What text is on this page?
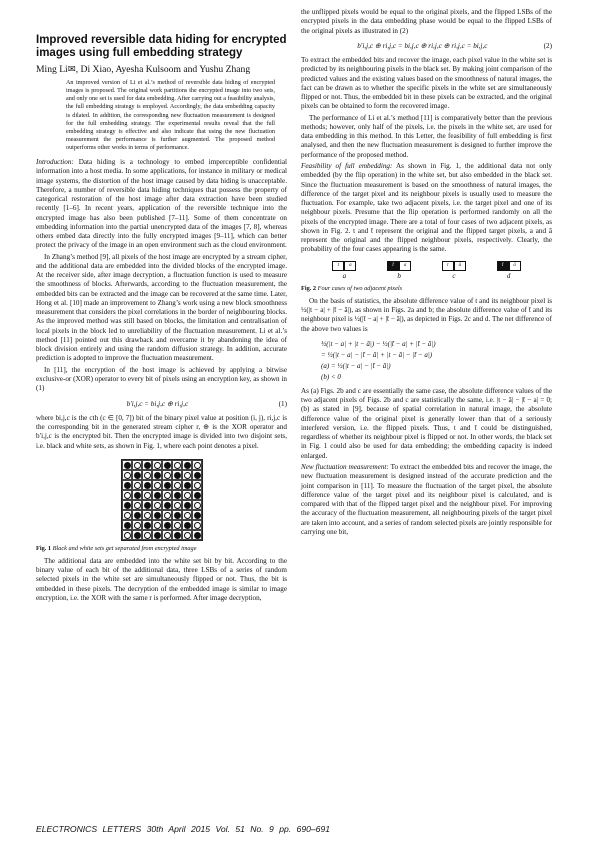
Improved reversible data hiding for encrypted images using full embedding strategy
Ming Li✉, Di Xiao, Ayesha Kulsoom and Yushu Zhang
An improved version of Li et al.’s method of reversible data hiding of encrypted images is proposed. The original work partitions the encrypted image into two sets, and only one set is used for data embedding. After carrying out a feasibility analysis, the full embedding strategy is employed. Accordingly, the data embedding capacity is dilated. In addition, the corresponding new fluctuation measurement is designed for the full embedding strategy. The experimental results reveal that the full embedding strategy is effective and also indicate that using the new fluctuation measurement the performance is further augmented. The proposed method outperforms other works in terms of performance.

Introduction: Data hiding is a technology to embed imperceptible confidential information into a host media. In some applications, for instance in military or medical image systems, the distortion of the host image caused by data hiding is unacceptable. Therefore, a number of reversible data hiding techniques that possess the property of categorical restoration of the host image after data extraction have been studied recently [1–6]. In recent years, application of the reversible technique into the encrypted image has also been published [7–11]. Some of them concentrate on embedding information into the partial unencrypted data of the images [7, 8], whereas others embed data directly into the fully encrypted images [9–11], which can better protect the privacy of the image in an open environment such as the cloud environment.

In Zhang’s method [9], all pixels of the host image are encrypted by a stream cipher, and the additional data are embedded into the divided blocks of the encrypted image. At the receiver side, after image decryption, a fluctuation function is used to measure the smoothness of blocks. Afterwards, according to the fluctuation measurement, the embedded bits can be extracted and the image can be recovered at the same time. Later, Hong et al. [10] made an improvement to Zhang’s work using a new block smoothness measurement that considers the pixel correlations in the border of neighbouring blocks. As the improved method was still based on blocks, the limitation and centralisation of local pixels in the block led to unreliability of the fluctuation measurement. Li et al.’s method [11] pointed out this drawback and overcame it by abandoning the idea of block division entirely and using the random diffusion strategy. In addition, accurate prediction is adopted to improve the fluctuation measurement.

In [11], the encryption of the host image is achieved by applying a bitwise exclusive-or (XOR) operator to every bit of pixels using an encryption key, as shown in (1)

b′i,j,c = bi,j,c ⊕ ri,j,c	(1)

where bi,j,c is the cth (c ∈ [0, 7]) bit of the binary pixel value at position (i, j), ri,j,c is the corresponding bit in the generated stream cipher r, ⊕ is the XOR operator and b′i,j,c is the encrypted bit. Then the encrypted image is divided into two disjoint sets, i.e. black and white sets, as shown in Fig. 1, where each point denotes a pixel.

Fig. 1 Black and white sets get separated from encrypted image

The additional data are embedded into the white set bit by bit. According to the binary value of each bit of the additional data, three LSBs of a series of random selected pixels in the white set are simultaneously flipped or not. Thus, the bit is embedded in these pixels. The decryption of the embedded image is similar to image encryption, i.e. the XOR with the same r is performed. After image decryption,

the unflipped pixels would be equal to the original pixels, and the flipped LSBs of the encrypted pixels in the data embedding phase would be equal to the flipped LSBs of the original pixels as illustrated in (2)

b′i,j,c ⊕ ri,j,c = bi,j,c ⊕ ri,j,c ⊕ ri,j,c = bi,j,c	(2)

To extract the embedded bits and recover the image, each pixel value in the white set is predicted by its neighbouring pixels in the black set. By making joint comparison of the predicted values and the existing values based on the smoothness of natural images, the fact can be drawn as to whether the specific pixels in the white set are simultaneously flipped or not. Thus, the embedded bit in these pixels can be extracted, and the original pixels can be obtained to form the recovered image.

The performance of Li et al.’s method [11] is comparatively better than the previous methods; however, only half of the pixels, i.e. the pixels in the white set, are used for data embedding in this method. In this Letter, the feasibility of full embedding is first analysed, and then the new fluctuation measurement is designed to further improve the performance of the proposed method.

Feasibility of full embedding: As shown in Fig. 1, the additional data not only embedded (by the flip operation) in the white set, but also embedded in the black set. Since the fluctuation measurement is based on the smoothness of natural images, the difference of the target pixel and its neighbour pixels is usually used to measure the fluctuation. For example, take two adjacent pixels, i.e. the target pixel and one of its neighbour pixels. Presume that the flip operation is performed randomly on all the pixels of the encrypted image. There are a total of four cases of two adjacent pixels, as shown in Fig. 2. t and t̄ represent the original and the flipped target pixels, a and ā represent the original and the flipped neighbour pixels, respectively. Clearly, the probability of the four cases appearing is the same.

t	a
a
t̄	a
b
t	ā
c
t̄	ā
d
Fig. 2 Four cases of two adjacent pixels

On the basis of statistics, the absolute difference value of t and its neighbour pixel is ½(|t − a| + |t̄ − ā|), as shown in Figs. 2a and b; the absolute difference value of t̄ and its neighbour pixel is ½(|t̄ − a| + |t̄ − ā|), as depicted in Figs. 2c and d. The net difference of the above two values is

½(|t − a| + |t − ā|) − ½(|t̄ − a| + |t̄ − ā|)
= ½(|t − a| − |t̄ − ā| + |t − ā| − |t̄ − a|)
(a) = ½(|t − a| − |t̄ − ā|)
(b) < 0

As (a) Figs. 2b and c are essentially the same case, the absolute difference values of the two adjacent pixels of Figs. 2b and c are statistically the same, i.e. |t − ā| − |t̄ − a| = 0; (b) as stated in [9], because of spatial correlation in natural image, the absolute difference value of the original pixel is generally lower than that of a seriously interfered version, i.e. the flipped pixels. Thus, t and t̄ could be distinguished, regardless of whether its neighbour pixel is flipped or not. In other words, the black set in Fig. 1 could also be used for data embedding; the embedding capacity is indeed enlarged.

New fluctuation measurement: To extract the embedded bits and recover the image, the new fluctuation measurement is designed instead of the accurate prediction and the joint comparison in [11]. To measure the fluctuation of the target pixel, the absolute difference value of the target pixel and its neighbour pixel is calculated, and is compared with that of the flipped target pixel and the neighbour pixel. For improving the accuracy of the fluctuation measurement, all neighbouring pixels of the target pixel are taken into account, and a series of random selected pixels are jointly responsible for carrying one bit,

ELECTRONICS LETTERS 30th April 2015 Vol. 51 No. 9 pp. 690–691
